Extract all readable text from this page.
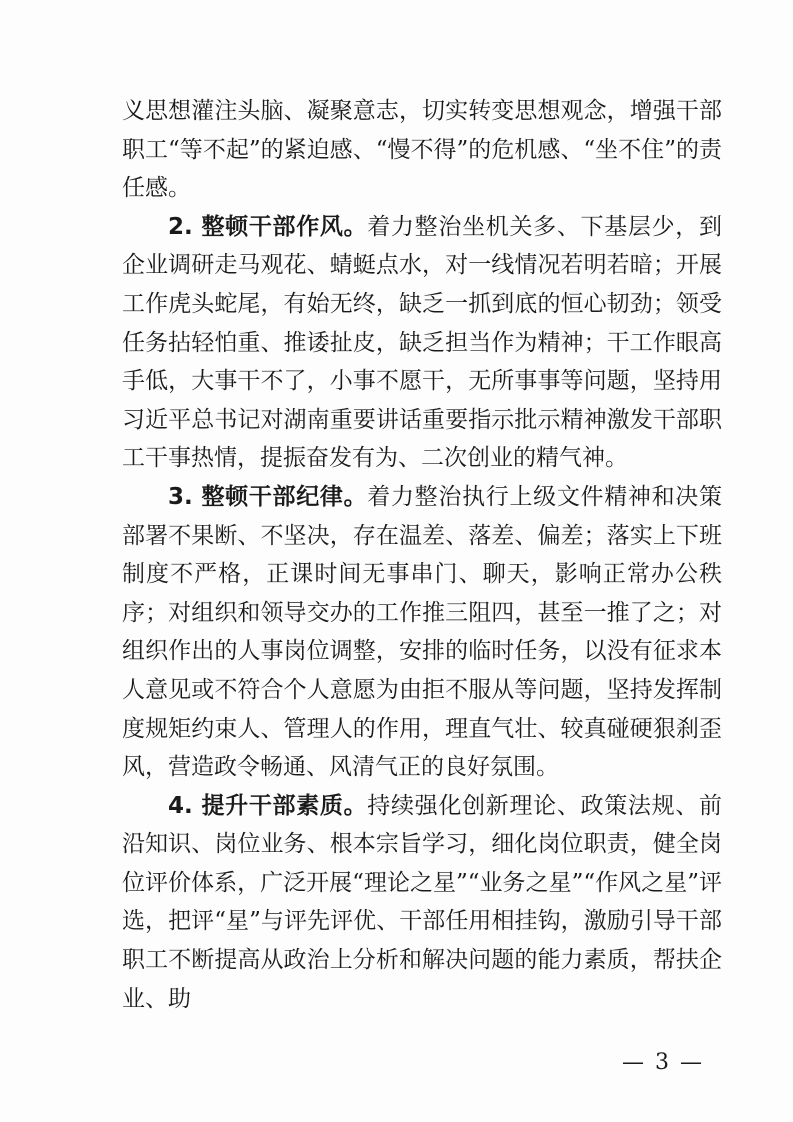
义思想灌注头脑、凝聚意志，切实转变思想观念，增强干部职工“等不起”的紧迫感、“慢不得”的危机感、“坐不住”的责任感。

2. 整顿干部作风。着力整治坐机关多、下基层少，到企业调研走马观花、蜻蜓点水，对一线情况若明若暗；开展工作虎头蛇尾，有始无终，缺乏一抓到底的恒心韧劲；领受任务拈轻怕重、推诿扯皮，缺乏担当作为精神；干工作眼高手低，大事干不了，小事不愿干，无所事事等问题，坚持用习近平总书记对湖南重要讲话重要指示批示精神激发干部职工干事热情，提振奋发有为、二次创业的精气神。

3. 整顿干部纪律。着力整治执行上级文件精神和决策部署不果断、不坚决，存在温差、落差、偏差；落实上下班制度不严格，正课时间无事串门、聊天，影响正常办公秩序；对组织和领导交办的工作推三阻四，甚至一推了之；对组织作出的人事岗位调整，安排的临时任务，以没有征求本人意见或不符合个人意愿为由拒不服从等问题，坚持发挥制度规矩约束人、管理人的作用，理直气壮、较真碰硬狠刹歪风，营造政令畅通、风清气正的良好氛围。

4. 提升干部素质。持续强化创新理论、政策法规、前沿知识、岗位业务、根本宗旨学习，细化岗位职责，健全岗位评价体系，广泛开展“理论之星”“业务之星”“作风之星”评选，把评“星”与评先评优、干部任用相挂钩，激励引导干部职工不断提高从政治上分析和解决问题的能力素质，帮扶企业、助

— 3 —
